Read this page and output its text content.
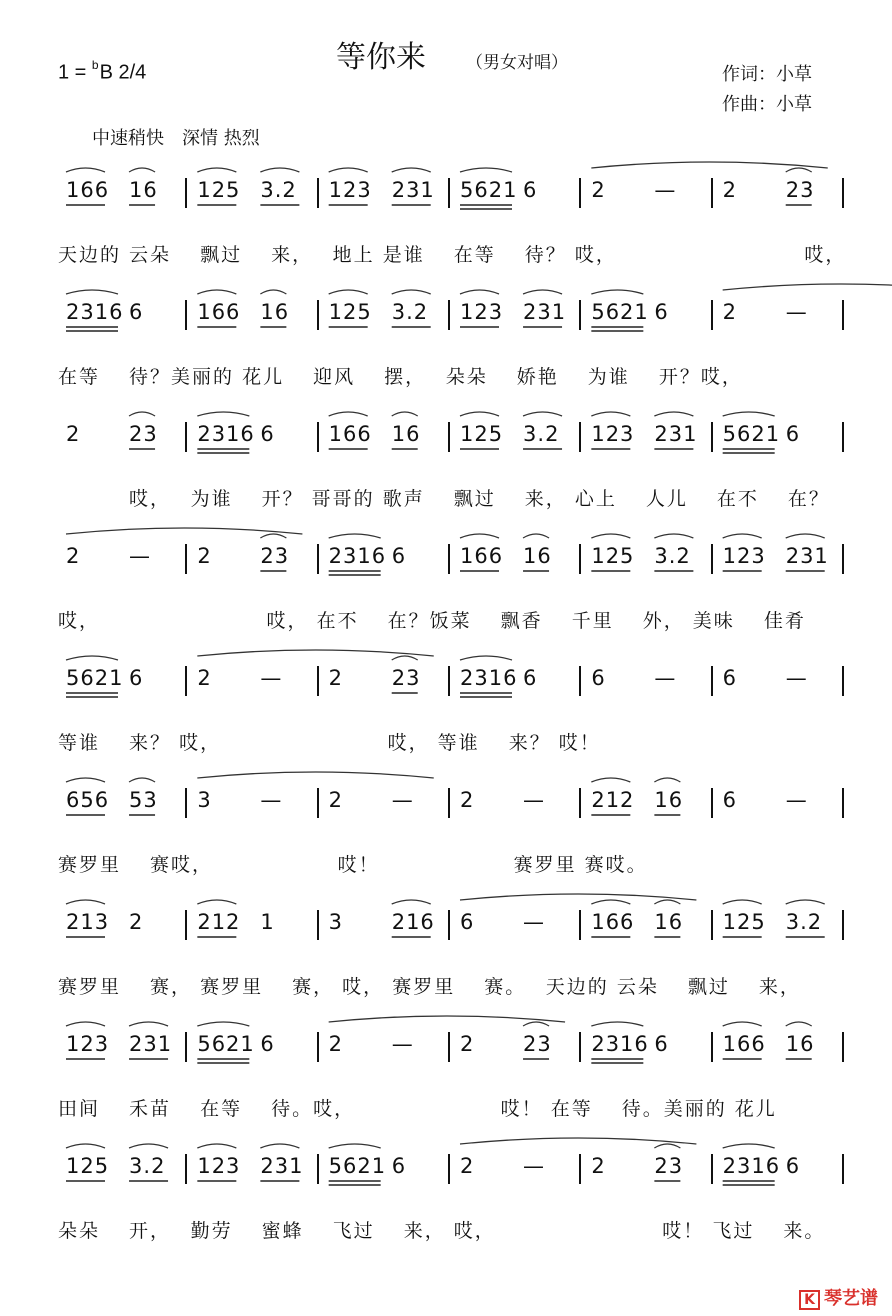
1 = $^b$B 2/4	等你来 （男女对唱）
作词：小草
作曲：小草
中速稍快　深情 热烈
166 16 125 3.2 123 231 5621 6	2 — 2 23
天边的 云朵　 飘过　 来，　 地上 是谁　 在等　 待？ 哎，　　　　　　　　　 哎，
2316 6	166 16 125 3.2 123 231 5621 6	2 —
在等　 待？美丽的 花儿　 迎风　 摆，　 朵朵　 娇艳　 为谁　 开？哎，
2 23 2316 6	166 16 125 3.2 123 231 5621 6
　　　 哎，　 为谁　 开？ 哥哥的 歌声　 飘过　 来， 心上　 人儿　 在不　 在？
2 — 2 23 2316 6	166 16 125 3.2 123 231
哎，　　　　　　　　 哎， 在不　 在？饭菜　 飘香　 千里　 外， 美味　 佳肴
5621 6	2 — 2 23 2316 6	6 — 6 —
等谁　 来？ 哎，　　　　　　　　 哎， 等谁　 来？ 哎！
656 53 3 — 2 — 2 — 212 16 6 —
赛罗里　 赛哎，　　　　　　 哎！　　　　　　 赛罗里 赛哎。
213 2	212 1	3 216 6 — 166 16 125 3.2
赛罗里　 赛， 赛罗里　 赛， 哎， 赛罗里　 赛。　 天边的 云朵　 飘过　 来，
123 231 5621 6	2 — 2 23 2316 6	166 16
田间　 禾苗　 在等　 待。哎，　　　　　　　 哎！ 在等　 待。美丽的 花儿
125 3.2 123 231 5621 6	2 — 2 23 2316 6
朵朵　 开，　 勤劳　 蜜蜂　 飞过　 来， 哎，　　　　　　　　 哎！ 飞过　 来。
K 琴艺谱
